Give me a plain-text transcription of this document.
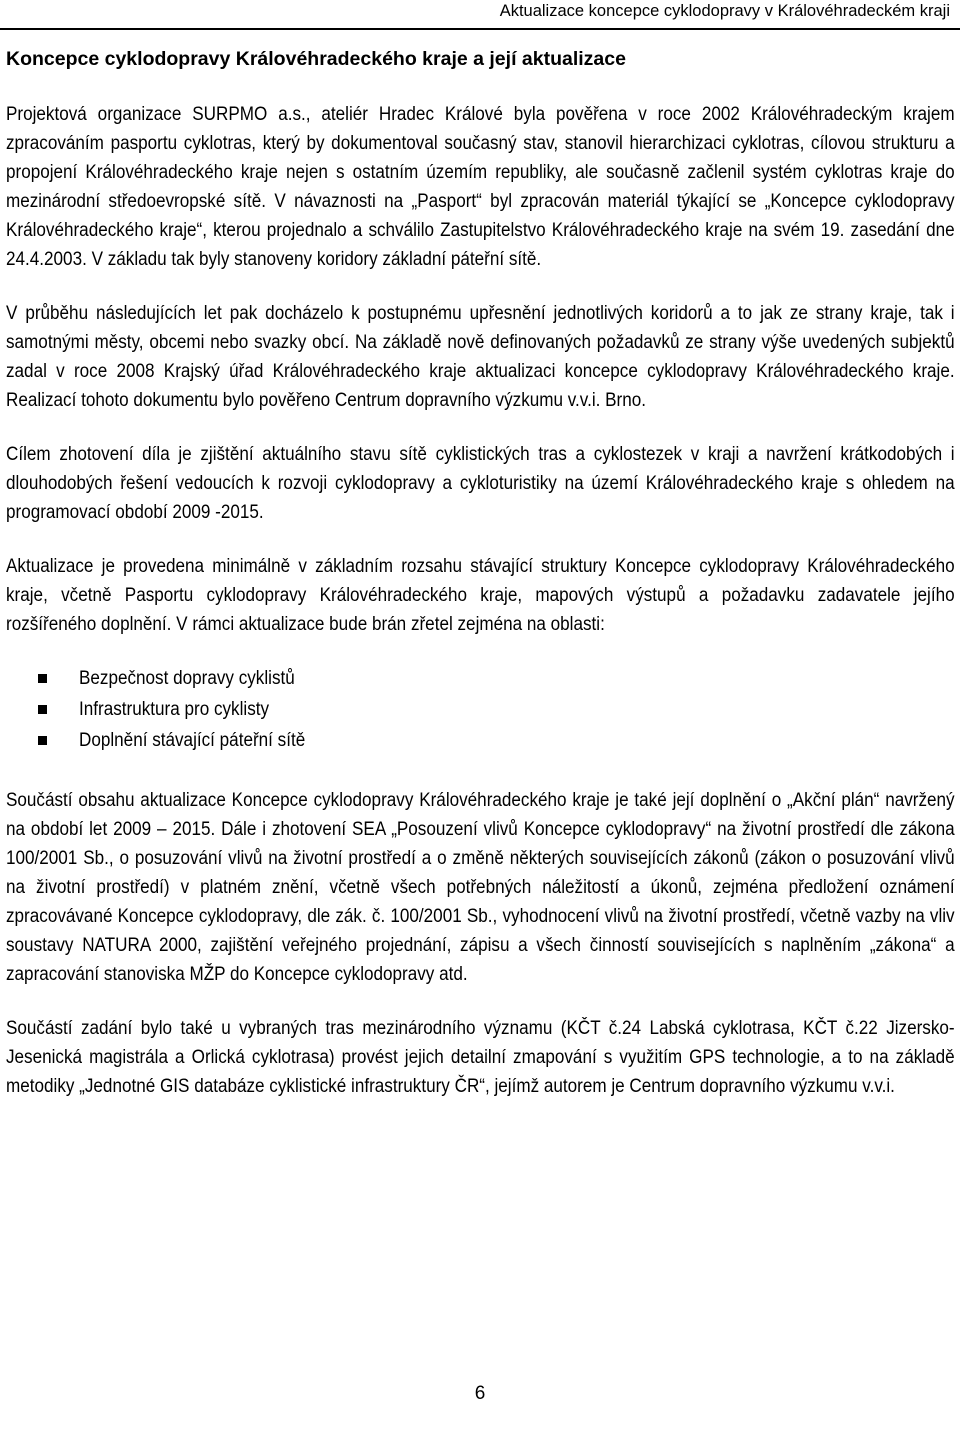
Aktualizace koncepce cyklodopravy v Královéhradeckém kraji
Koncepce cyklodopravy Královéhradeckého kraje a její aktualizace

Projektová organizace SURPMO a.s., ateliér Hradec Králové byla pověřena v roce 2002 Královéhradeckým krajem zpracováním pasportu cyklotras, který by dokumentoval současný stav, stanovil hierarchizaci cyklotras, cílovou strukturu a propojení Královéhradeckého kraje nejen s ostatním územím republiky, ale současně začlenil systém cyklotras kraje do mezinárodní středoevropské sítě. V návaznosti na „Pasport“ byl zpracován materiál týkající se „Koncepce cyklodopravy Královéhradeckého kraje“, kterou projednalo a schválilo Zastupitelstvo Královéhradeckého kraje na svém 19. zasedání dne 24.4.2003. V základu tak byly stanoveny koridory základní páteřní sítě.

V průběhu následujících let pak docházelo k postupnému upřesnění jednotlivých koridorů a to jak ze strany kraje, tak i samotnými městy, obcemi nebo svazky obcí. Na základě nově definovaných požadavků ze strany výše uvedených subjektů zadal v roce 2008 Krajský úřad Královéhradeckého kraje aktualizaci koncepce cyklodopravy Královéhradeckého kraje. Realizací tohoto dokumentu bylo pověřeno Centrum dopravního výzkumu v.v.i. Brno.

Cílem zhotovení díla je zjištění aktuálního stavu sítě cyklistických tras a cyklostezek v kraji a navržení krátkodobých i dlouhodobých řešení vedoucích k rozvoji cyklodopravy a cykloturistiky na území Královéhradeckého kraje s ohledem na programovací období 2009 -2015.

Aktualizace je provedena minimálně v základním rozsahu stávající struktury Koncepce cyklodopravy Královéhradeckého kraje, včetně Pasportu cyklodopravy Královéhradeckého kraje, mapových výstupů a požadavku zadavatele jejího rozšířeného doplnění. V rámci aktualizace bude brán zřetel zejména na oblasti:

Bezpečnost dopravy cyklistů
Infrastruktura pro cyklisty
Doplnění stávající páteřní sítě

Součástí obsahu aktualizace Koncepce cyklodopravy Královéhradeckého kraje je také její doplnění o „Akční plán“ navržený na období let 2009 – 2015. Dále i zhotovení SEA „Posouzení vlivů Koncepce cyklodopravy“ na životní prostředí dle zákona 100/2001 Sb., o posuzování vlivů na životní prostředí a o změně některých souvisejících zákonů (zákon o posuzování vlivů na životní prostředí) v platném znění, včetně všech potřebných náležitostí a úkonů, zejména předložení oznámení zpracovávané Koncepce cyklodopravy, dle zák. č. 100/2001 Sb., vyhodnocení vlivů na životní prostředí, včetně vazby na vliv soustavy NATURA 2000, zajištění veřejného projednání, zápisu a všech činností souvisejících s naplněním „zákona“ a zapracování stanoviska MŽP do Koncepce cyklodopravy atd.

Součástí zadání bylo také u vybraných tras mezinárodního významu (KČT č.24 Labská cyklotrasa, KČT č.22 Jizersko-Jesenická magistrála a Orlická cyklotrasa) provést jejich detailní zmapování s využitím GPS technologie, a to na základě metodiky „Jednotné GIS databáze cyklistické infrastruktury ČR“, jejímž autorem je Centrum dopravního výzkumu v.v.i.

6
